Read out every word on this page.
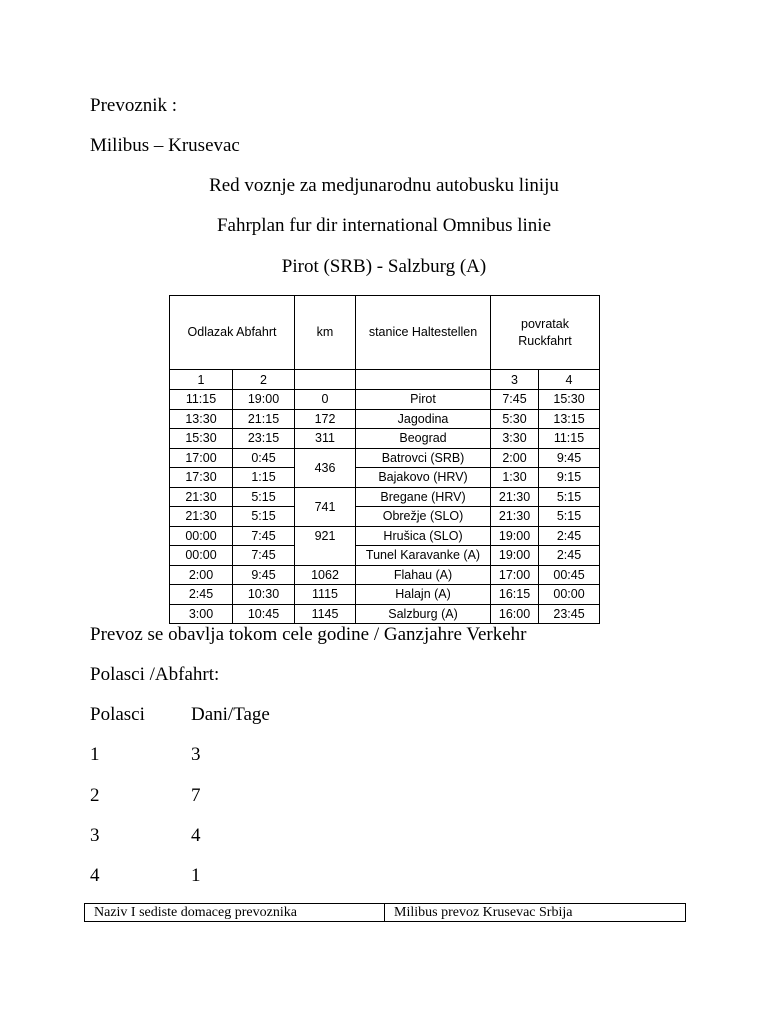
Prevoznik :
Milibus – Krusevac
Red voznje za medjunarodnu autobusku liniju
Fahrplan fur dir international Omnibus linie
Pirot (SRB) - Salzburg (A)
Odlazak Abfahrt		km	stanice Haltestellen	povratak Ruckfahrt	
1	2			3	4
11:15	19:00	0	Pirot	7:45	15:30
13:30	21:15	172	Jagodina	5:30	13:15
15:30	23:15	311	Beograd	3:30	11:15
17:00	0:45	436	Batrovci (SRB)	2:00	9:45
17:30	1:15		Bajakovo (HRV)	1:30	9:15
21:30	5:15	741	Bregane (HRV)	21:30	5:15
21:30	5:15		Obrežje (SLO)	21:30	5:15
00:00	7:45	921	Hrušica (SLO)	19:00	2:45
00:00	7:45		Tunel Karavanke (A)	19:00	2:45
2:00	9:45	1062	Flahau (A)	17:00	00:45
2:45	10:30	1115	Halajn (A)	16:15	00:00
3:00	10:45	1145	Salzburg (A)	16:00	23:45
Prevoz se obavlja tokom cele godine / Ganzjahre Verkehr
Polasci /Abfahrt:
Polasci Dani/Tage
1	3
2	7
3	4
4	1
Naziv I sediste domaceg prevoznika	Milibus prevoz Krusevac Srbija
